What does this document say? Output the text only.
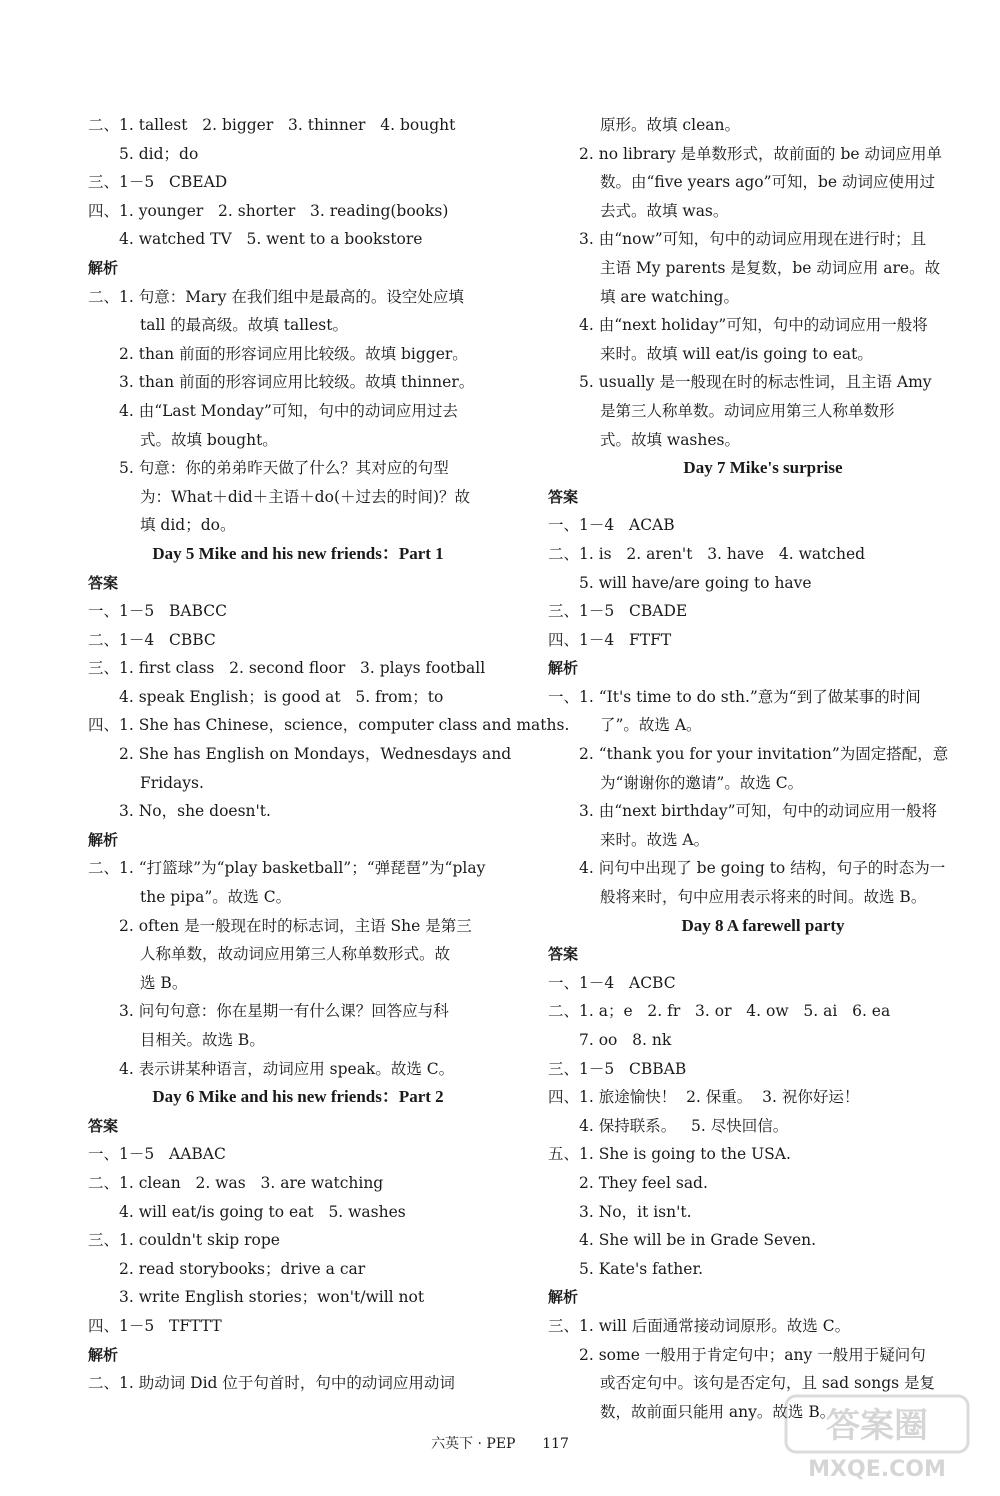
二、1. tallest   2. bigger   3. thinner   4. bought
5. did；do
三、1－5   CBEAD
四、1. younger   2. shorter   3. reading(books)
4. watched TV   5. went to a bookstore
解析
二、1. 句意：Mary 在我们组中是最高的。设空处应填
tall 的最高级。故填 tallest。
2. than 前面的形容词应用比较级。故填 bigger。
3. than 前面的形容词应用比较级。故填 thinner。
4. 由“Last Monday”可知，句中的动词应用过去
式。故填 bought。
5. 句意：你的弟弟昨天做了什么？其对应的句型
为：What＋did＋主语＋do(＋过去的时间)？故
填 did；do。
Day 5 Mike and his new friends：Part 1
答案
一、1－5   BABCC
二、1－4   CBBC
三、1. first class   2. second floor   3. plays football
4. speak English；is good at   5. from；to
四、1. She has Chinese，science，computer class and maths.
2. She has English on Mondays，Wednesdays and
Fridays.
3. No，she doesn't.
解析
二、1. “打篮球”为“play basketball”；“弹琵琶”为“play
the pipa”。故选 C。
2. often 是一般现在时的标志词，主语 She 是第三
人称单数，故动词应用第三人称单数形式。故
选 B。
3. 问句句意：你在星期一有什么课？回答应与科
目相关。故选 B。
4. 表示讲某种语言，动词应用 speak。故选 C。
Day 6 Mike and his new friends：Part 2
答案
一、1－5   AABAC
二、1. clean   2. was   3. are watching
4. will eat/is going to eat   5. washes
三、1. couldn't skip rope
2. read storybooks；drive a car
3. write English stories；won't/will not
四、1－5   TFTTT
解析
二、1. 助动词 Did 位于句首时，句中的动词应用动词
原形。故填 clean。
2. no library 是单数形式，故前面的 be 动词应用单
数。由“five years ago”可知，be 动词应使用过
去式。故填 was。
3. 由“now”可知，句中的动词应用现在进行时；且
主语 My parents 是复数，be 动词应用 are。故
填 are watching。
4. 由“next holiday”可知，句中的动词应用一般将
来时。故填 will eat/is going to eat。
5. usually 是一般现在时的标志性词，且主语 Amy
是第三人称单数。动词应用第三人称单数形
式。故填 washes。
Day 7 Mike's surprise
答案
一、1－4   ACAB
二、1. is   2. aren't   3. have   4. watched
5. will have/are going to have
三、1－5   CBADE
四、1－4   FTFT
解析
一、1. “It's time to do sth.”意为“到了做某事的时间
了”。故选 A。
2. “thank you for your invitation”为固定搭配，意
为“谢谢你的邀请”。故选 C。
3. 由“next birthday”可知，句中的动词应用一般将
来时。故选 A。
4. 问句中出现了 be going to 结构，句子的时态为一
般将来时，句中应用表示将来的时间。故选 B。
Day 8 A farewell party
答案
一、1－4   ACBC
二、1. a；e   2. fr   3. or   4. ow   5. ai   6. ea
7. oo   8. nk
三、1－5   CBBAB
四、1. 旅途愉快！  2. 保重。  3. 祝你好运！
4. 保持联系。   5. 尽快回信。
五、1. She is going to the USA.
2. They feel sad.
3. No，it isn't.
4. She will be in Grade Seven.
5. Kate's father.
解析
三、1. will 后面通常接动词原形。故选 C。
2. some 一般用于肯定句中；any 一般用于疑问句
或否定句中。该句是否定句，且 sad songs 是复
数，故前面只能用 any。故选 B。
六英下 · PEP 117	答案圈
MXQE.COM
